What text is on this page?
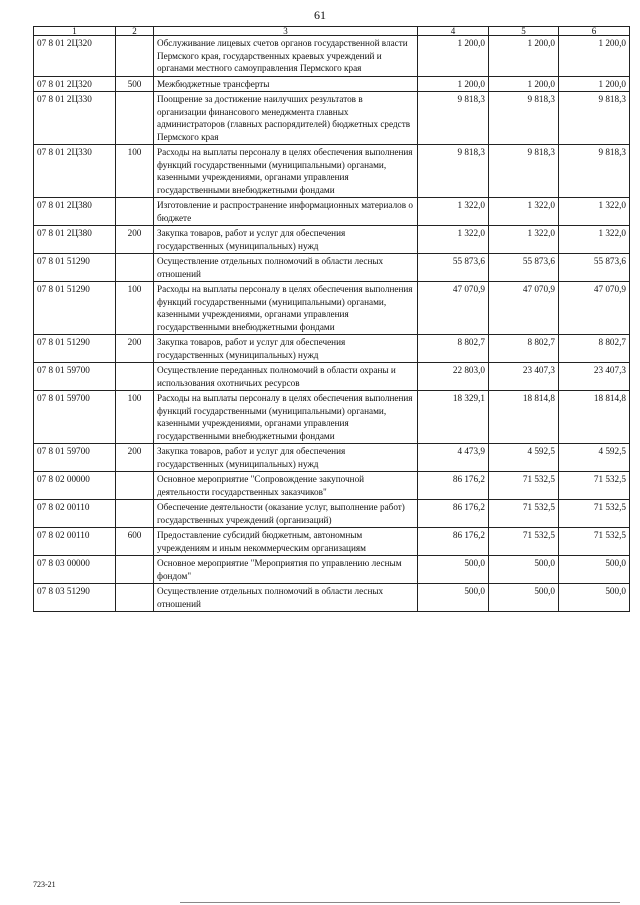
61
1	2	3	4	5	6
07 8 01 2Ц320		Обслуживание лицевых счетов органов государственной власти Пермского края, государственных краевых учреждений и органами местного самоуправления Пермского края	1 200,0	1 200,0	1 200,0
07 8 01 2Ц320	500	Межбюджетные трансферты	1 200,0	1 200,0	1 200,0
07 8 01 2Ц330		Поощрение за достижение наилучших результатов в организации финансового менеджмента главных администраторов (главных распорядителей) бюджетных средств Пермского края	9 818,3	9 818,3	9 818,3
07 8 01 2Ц330	100	Расходы на выплаты персоналу в целях обеспечения выполнения функций государственными (муниципальными) органами, казенными учреждениями, органами управления государственными внебюджетными фондами	9 818,3	9 818,3	9 818,3
07 8 01 2Ц380		Изготовление и распространение информационных материалов о бюджете	1 322,0	1 322,0	1 322,0
07 8 01 2Ц380	200	Закупка товаров, работ и услуг для обеспечения государственных (муниципальных) нужд	1 322,0	1 322,0	1 322,0
07 8 01 51290		Осуществление отдельных полномочий в области лесных отношений	55 873,6	55 873,6	55 873,6
07 8 01 51290	100	Расходы на выплаты персоналу в целях обеспечения выполнения функций государственными (муниципальными) органами, казенными учреждениями, органами управления государственными внебюджетными фондами	47 070,9	47 070,9	47 070,9
07 8 01 51290	200	Закупка товаров, работ и услуг для обеспечения государственных (муниципальных) нужд	8 802,7	8 802,7	8 802,7
07 8 01 59700		Осуществление переданных полномочий в области охраны и использования охотничьих ресурсов	22 803,0	23 407,3	23 407,3
07 8 01 59700	100	Расходы на выплаты персоналу в целях обеспечения выполнения функций государственными (муниципальными) органами, казенными учреждениями, органами управления государственными внебюджетными фондами	18 329,1	18 814,8	18 814,8
07 8 01 59700	200	Закупка товаров, работ и услуг для обеспечения государственных (муниципальных) нужд	4 473,9	4 592,5	4 592,5
07 8 02 00000		Основное мероприятие "Сопровождение закупочной деятельности государственных заказчиков"	86 176,2	71 532,5	71 532,5
07 8 02 00110		Обеспечение деятельности (оказание услуг, выполнение работ) государственных учреждений (организаций)	86 176,2	71 532,5	71 532,5
07 8 02 00110	600	Предоставление субсидий бюджетным, автономным учреждениям и иным некоммерческим организациям	86 176,2	71 532,5	71 532,5
07 8 03 00000		Основное мероприятие "Мероприятия по управлению лесным фондом"	500,0	500,0	500,0
07 8 03 51290		Осуществление отдельных полномочий в области лесных отношений	500,0	500,0	500,0
723-21
